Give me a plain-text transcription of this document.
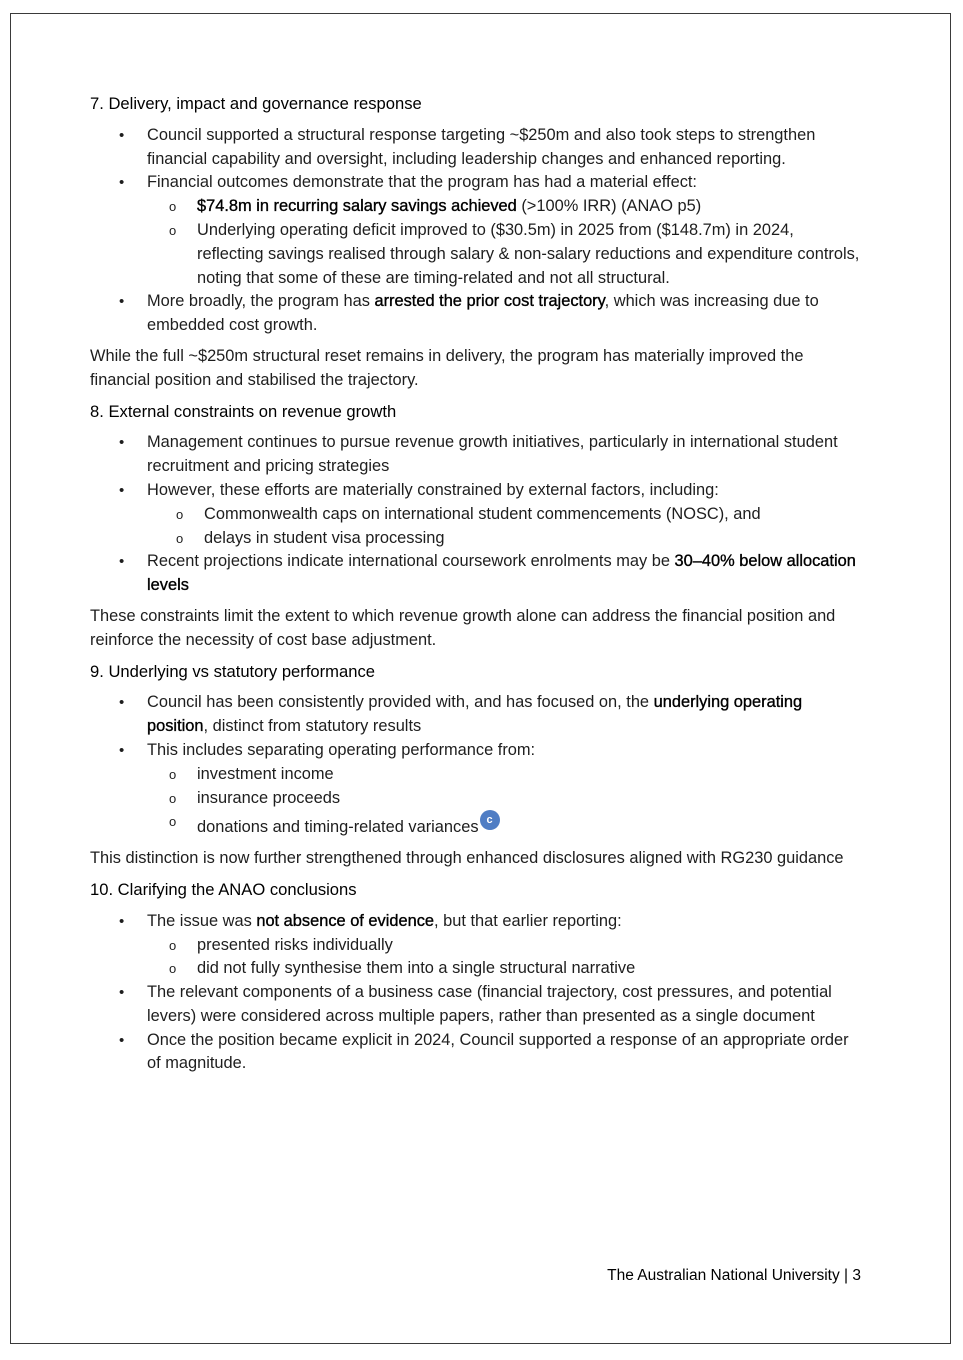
7. Delivery, impact and governance response
• Council supported a structural response targeting ~$250m and also took steps to strengthen financial capability and oversight, including leadership changes and enhanced reporting.
• Financial outcomes demonstrate that the program has had a material effect:
o $74.8m in recurring salary savings achieved (>100% IRR) (ANAO p5)
o Underlying operating deficit improved to ($30.5m) in 2025 from ($148.7m) in 2024, reflecting savings realised through salary & non-salary reductions and expenditure controls, noting that some of these are timing-related and not all structural.
• More broadly, the program has arrested the prior cost trajectory, which was increasing due to embedded cost growth.

While the full ~$250m structural reset remains in delivery, the program has materially improved the financial position and stabilised the trajectory.

8. External constraints on revenue growth
• Management continues to pursue revenue growth initiatives, particularly in international student recruitment and pricing strategies
• However, these efforts are materially constrained by external factors, including:
o Commonwealth caps on international student commencements (NOSC), and
o delays in student visa processing
• Recent projections indicate international coursework enrolments may be 30–40% below allocation levels

These constraints limit the extent to which revenue growth alone can address the financial position and reinforce the necessity of cost base adjustment.

9. Underlying vs statutory performance
• Council has been consistently provided with, and has focused on, the underlying operating position, distinct from statutory results
• This includes separating operating performance from:
o investment income
o insurance proceeds
o donations and timing-related variances c

This distinction is now further strengthened through enhanced disclosures aligned with RG230 guidance

10. Clarifying the ANAO conclusions
• The issue was not absence of evidence, but that earlier reporting:
o presented risks individually
o did not fully synthesise them into a single structural narrative
• The relevant components of a business case (financial trajectory, cost pressures, and potential levers) were considered across multiple papers, rather than presented as a single document
• Once the position became explicit in 2024, Council supported a response of an appropriate order of magnitude.
The Australian National University | 3
